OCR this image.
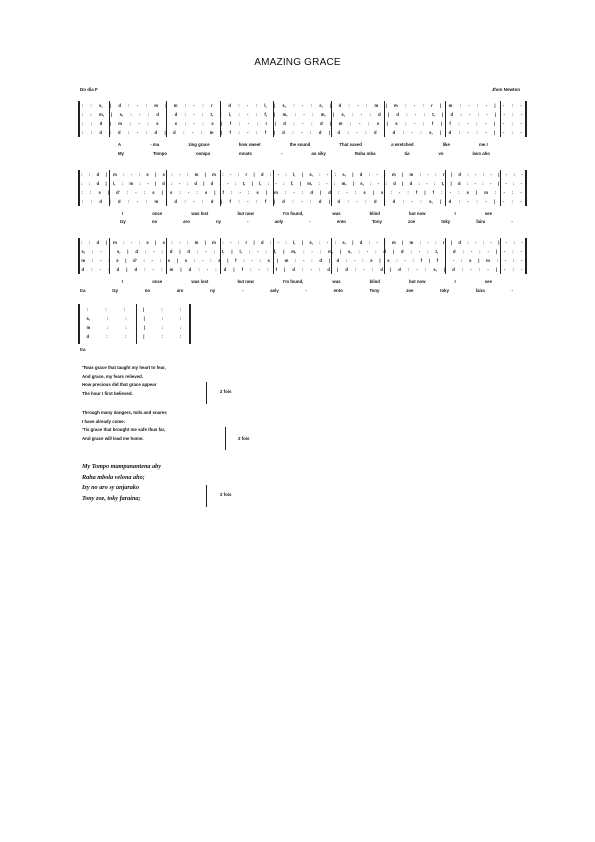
AMAZING GRACE
Do dia F	Jhon Newton
: : s, | d : - : m | m : - : r | d : - : l, | s, : - : s, | d : - : m | m : - : r | m : - : - | - : -
: : m, | s, : - : d | d : - : t, | l, : - : f, | m, : - : m, | s, : - : d | d : - : t, | d : - : - | - : -
: : d | m : - : s | s : - : s | f : - : r | d : - : d | m : - : s | s : - : f | f : - : - | - : -
: : d | d : - : d | d : - : m | f : - : f | d : - : d | d : - : d | d : - : s, | d : - : - | - : -
A	- ma	zing grace	how sweet	the sound	That saved	a wretched	like	me.!
My	Tompo	oompa	mnato	-	ao siky	Raha mba	tia	vo	lavo aho
: : d | m : - : s | s : - : m | m : - : r | d : - : l, | s, : - : s, | d : - : m | m : - : r | d : - : - | - : -
: : d | l, : m : - | d : - : d | d : - : t, | l, : - : f, | m, : - : m, | s, : - : d | d : - : t, | d : - : - | - : -
: : s | d' : - : s | s : - : s | f : - : s | m : - : d | d : - : s | s : - : f | f : - : s | m : - : -
: : d | d : - : m | d : - : d | f : - : f | d : - : d | d : - : d | d : - : s, | d : - : - | - : -
I	once	was lost	but now	I'm found,	was	blind	but now	I	see
Izy	no	aro	ny	-	aoly	-	ento	Tony	zoe	toky	faira	-
: : d | m : - : s | s : - : m | m : - : r | d : - : l, | s, : - : s, | d : - : m | m : - : r | d : - : - | - : -
s, : - : s, | d : - : d | d : - : t, | l, : - : f, | m, : - : m, | s, : - : d | d : - : t, | d : - : - | - : -
m : - : s | d' : - : s | s : - : s | f : - : s | m : - : d | d : - : s | s : - : f | f : - : s | m : - : -
d : - : d | d : - : m | d : - : d | f : - : f | d : - : d | d : - : d | d : - : s, | d : - : - | - : -
I	once	was lost	but now	I'm found,	was	blind	but now	I	see
tra	Izy	no	aro	ny	-	aoly	-	ento	Tony	zoe	toky	faira	-
:	:	:	|	:	:
s,	:	:	|	:	:
m	:	:	|	:	:
d	:	:	|	:	:
tra
'Twas grace that taught my heart to fear,
And grace, my fears relieved.
How precious did that grace appear
The hour I first believed.	2 fois
Through many dangers, toils and snares
I have already come.
'Tis grace that brought me safe thus far,
And grace will lead me home.	2 fois
My Tompo mampanantena aby
Raha mbola velona aho;
Izy no aro sy anjarako
Tony zoe, toky faraina;
2 fois
